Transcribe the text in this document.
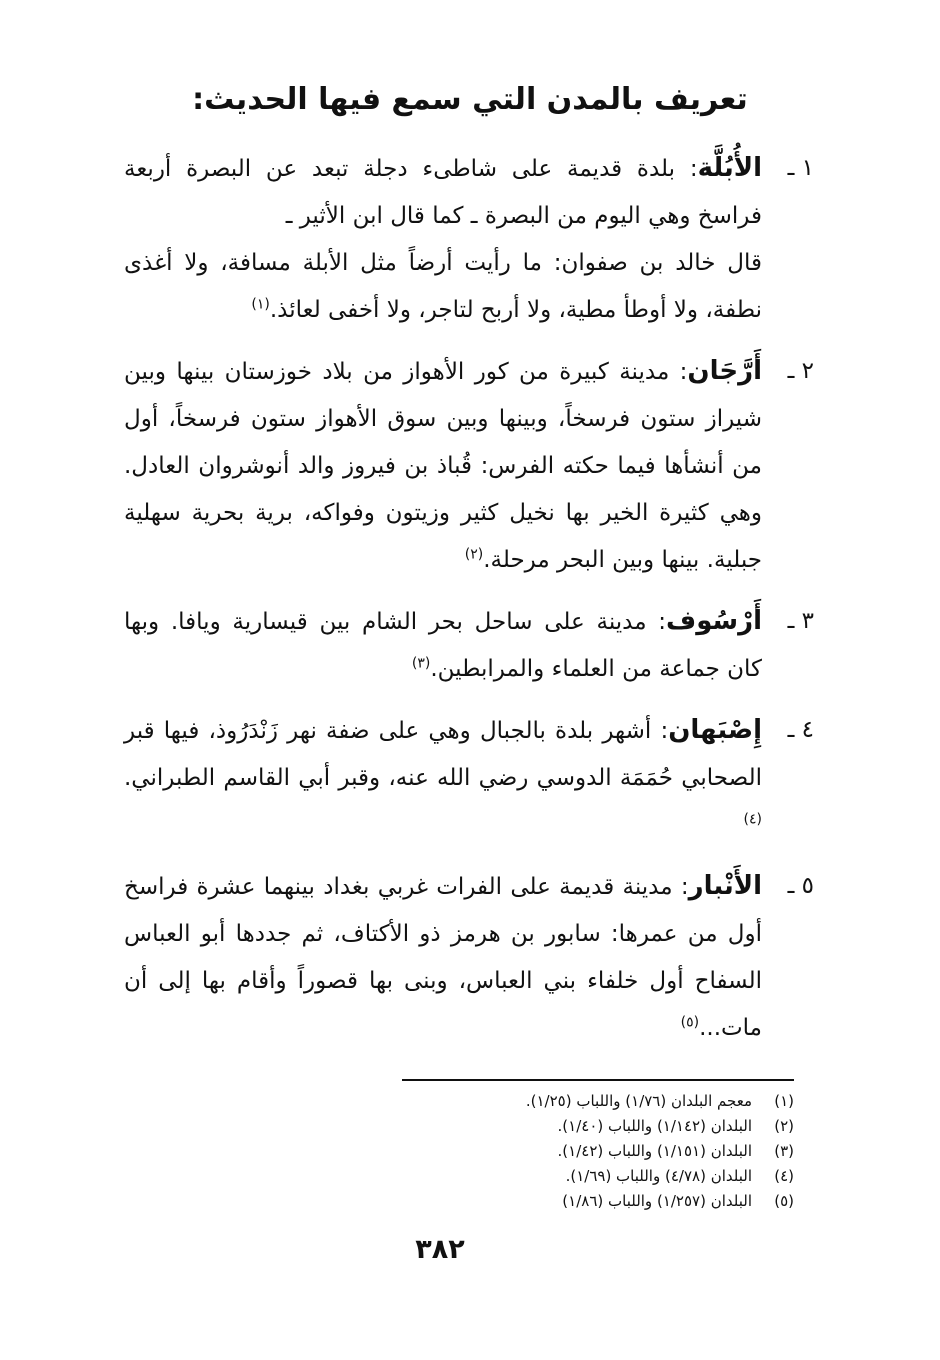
تعريف بالمدن التي سمع فيها الحديث:
١ ـ
الأُبُلَّة: بلدة قديمة على شاطىء دجلة تبعد عن البصرة أربعة فراسخ وهي اليوم من البصرة ـ كما قال ابن الأثير ـ
قال خالد بن صفوان: ما رأيت أرضاً مثل الأبلة مسافة، ولا أغذى نطفة، ولا أوطأ مطية، ولا أربح لتاجر، ولا أخفى لعائذ.$^{(١)}$
٢ ـ
أَرَّجَان: مدينة كبيرة من كور الأهواز من بلاد خوزستان بينها وبين شيراز ستون فرسخاً، وبينها وبين سوق الأهواز ستون فرسخاً، أول من أنشأها فيما حكته الفرس: قُباذ بن فيروز والد أنوشروان العادل. وهي كثيرة الخير بها نخيل كثير وزيتون وفواكه، برية بحرية سهلية جبلية. بينها وبين البحر مرحلة.$^{(٢)}$
٣ ـ
أَرْسُوف: مدينة على ساحل بحر الشام بين قيسارية ويافا. وبها كان جماعة من العلماء والمرابطين.$^{(٣)}$
٤ ـ
إِصْبَهان: أشهر بلدة بالجبال وهي على ضفة نهر زَنْدَرُوذ، فيها قبر الصحابي حُمَمَة الدوسي رضي الله عنه، وقبر أبي القاسم الطبراني.$^{(٤)}$
٥ ـ
الأَنْبار: مدينة قديمة على الفرات غربي بغداد بينهما عشرة فراسخ أول من عمرها: سابور بن هرمز ذو الأكتاف، ثم جددها أبو العباس السفاح أول خلفاء بني العباس، وبنى بها قصوراً وأقام بها إلى أن مات...$^{(٥)}$
(١)
معجم البلدان (١/٧٦) واللباب (١/٢٥).
(٢)
البلدان (١/١٤٢) واللباب (١/٤٠).
(٣)
البلدان (١/١٥١) واللباب (١/٤٢).
(٤)
البلدان (٤/٧٨) واللباب (١/٦٩).
(٥)
البلدان (١/٢٥٧) واللباب (١/٨٦)
٣٨٢
